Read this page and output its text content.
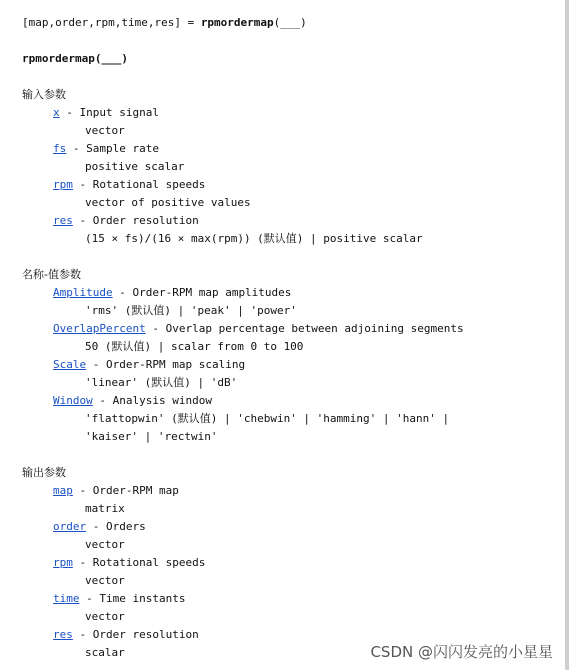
[map,order,rpm,time,res] = rpmordermap(___)
rpmordermap(___)
输入参数
x - Input signal
vector
fs - Sample rate
positive scalar
rpm - Rotational speeds
vector of positive values
res - Order resolution
(15 × fs)/(16 × max(rpm)) (默认值) | positive scalar
名称-值参数
Amplitude - Order-RPM map amplitudes
'rms' (默认值) | 'peak' | 'power'
OverlapPercent - Overlap percentage between adjoining segments
50 (默认值) | scalar from 0 to 100
Scale - Order-RPM map scaling
'linear' (默认值) | 'dB'
Window - Analysis window
'flattopwin' (默认值) | 'chebwin' | 'hamming' | 'hann' |
'kaiser' | 'rectwin'
输出参数
map - Order-RPM map
matrix
order - Orders
vector
rpm - Rotational speeds
vector
time - Time instants
vector
res - Order resolution
scalar	CSDN @闪闪发亮的小星星
